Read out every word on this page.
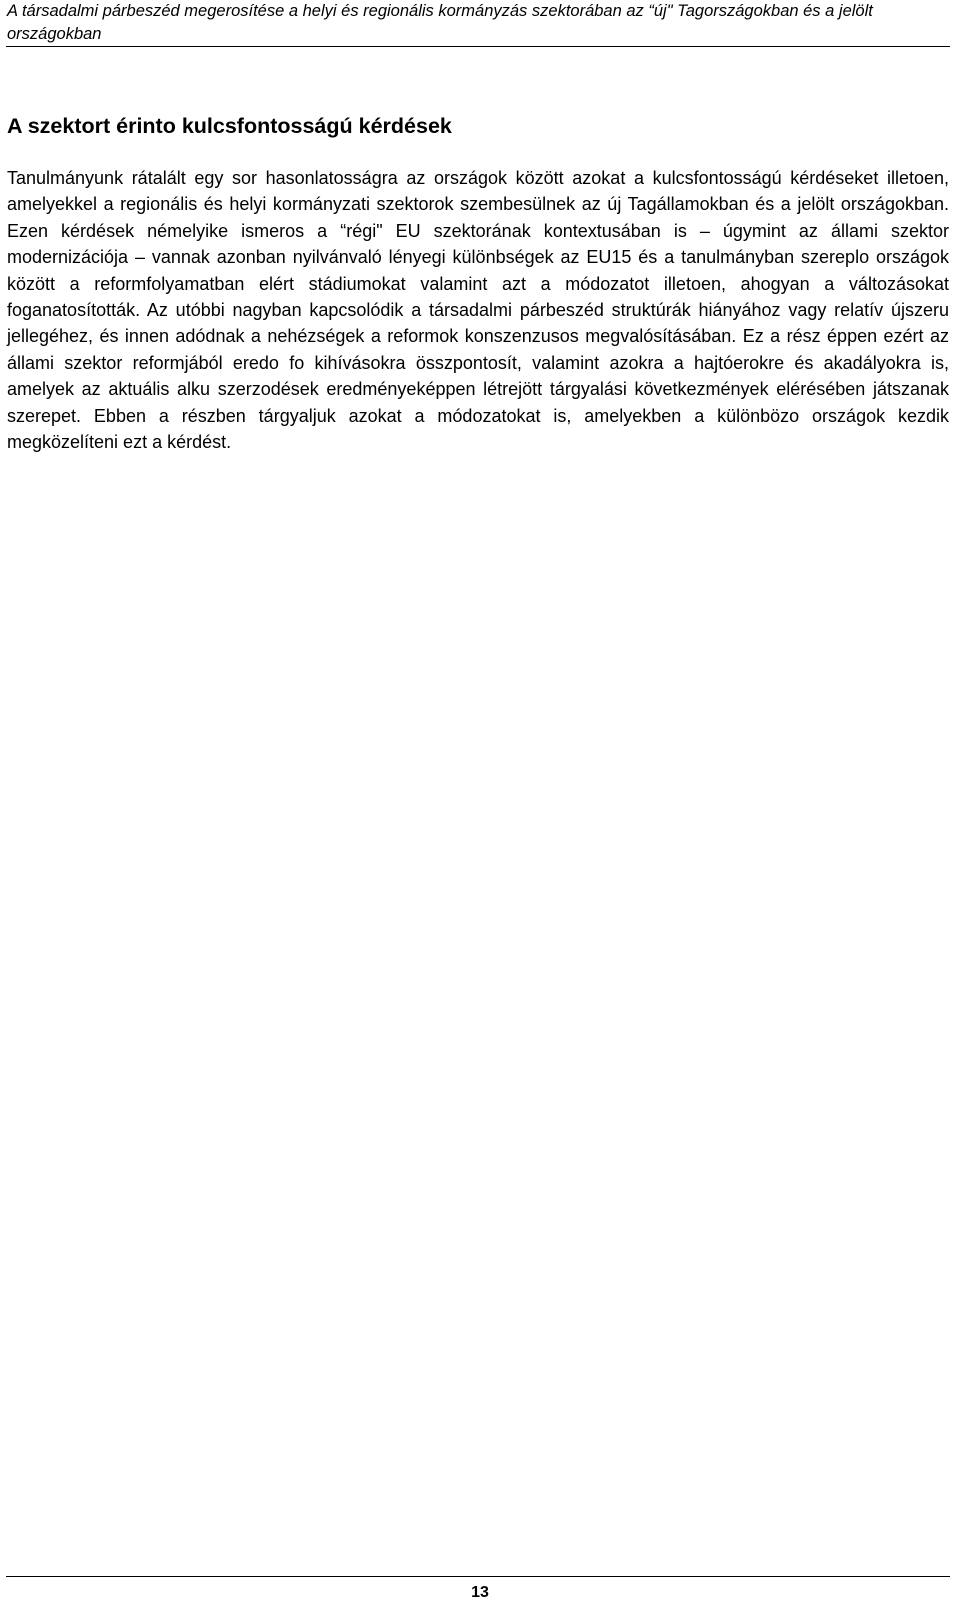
A társadalmi párbeszéd megerosítése a helyi és regionális kormányzás szektorában az “új" Tagországokban és a jelölt országokban
A szektort érinto kulcsfontosságú kérdések

Tanulmányunk rátalált egy sor hasonlatosságra az országok között azokat a kulcsfontosságú kérdéseket illetoen, amelyekkel a regionális és helyi kormányzati szektorok szembesülnek az új Tagállamokban és a jelölt országokban. Ezen kérdések némelyike ismeros a “régi" EU szektorának kontextusában is – úgymint az állami szektor modernizációja – vannak azonban nyilvánvaló lényegi különbségek az EU15 és a tanulmányban szereplo országok között a reformfolyamatban elért stádiumokat valamint azt a módozatot illetoen, ahogyan a változásokat foganatosították. Az utóbbi nagyban kapcsolódik a társadalmi párbeszéd struktúrák hiányához vagy relatív újszeru jellegéhez, és innen adódnak a nehézségek a reformok konszenzusos megvalósításában. Ez a rész éppen ezért az állami szektor reformjából eredo fo kihívásokra összpontosít, valamint azokra a hajtóerokre és akadályokra is, amelyek az aktuális alku szerzodések eredményeképpen létrejött tárgyalási következmények elérésében játszanak szerepet. Ebben a részben tárgyaljuk azokat a módozatokat is, amelyekben a különbözo országok kezdik megközelíteni ezt a kérdést.

13
